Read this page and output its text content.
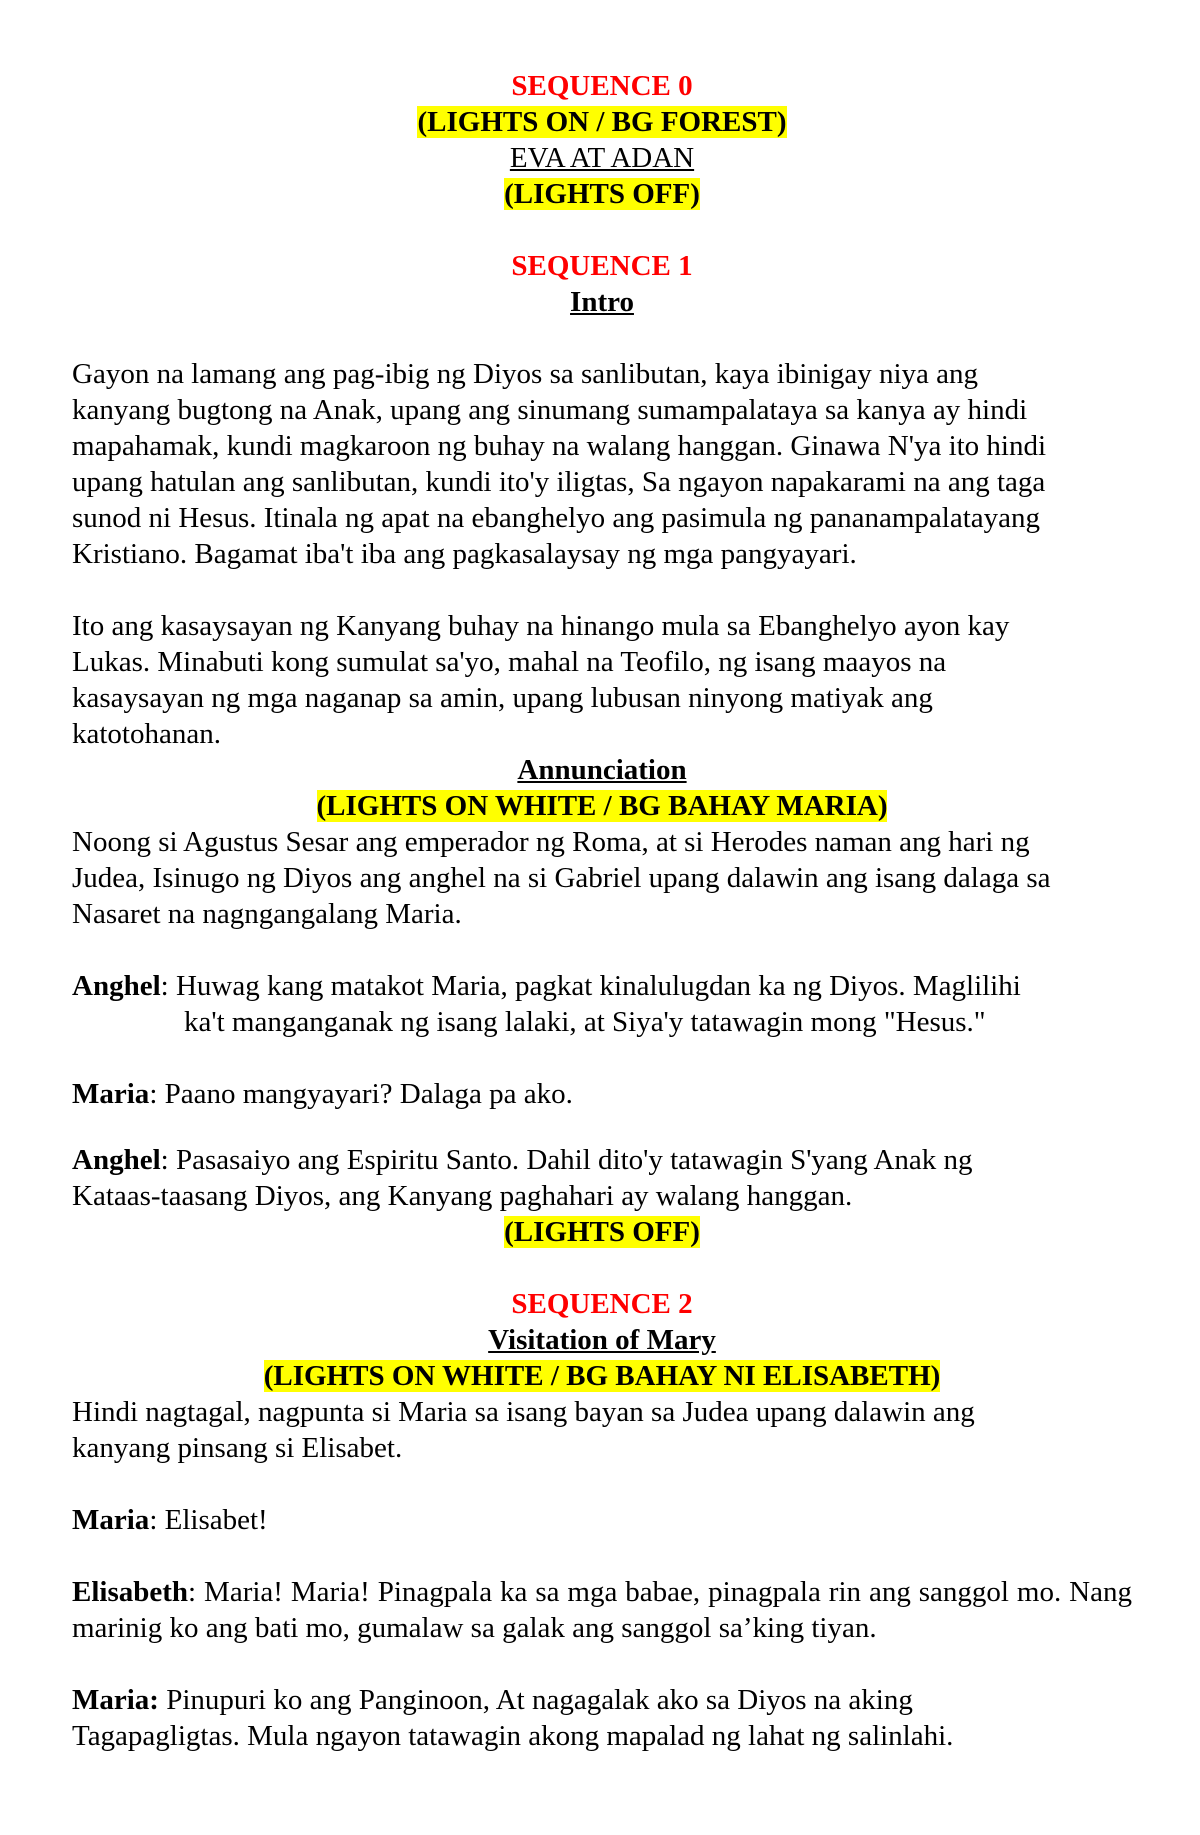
SEQUENCE 0
(LIGHTS ON / BG FOREST)
EVA AT ADAN
(LIGHTS OFF)
SEQUENCE 1
Intro
Gayon na lamang ang pag-ibig ng Diyos sa sanlibutan, kaya ibinigay niya ang
kanyang bugtong na Anak, upang ang sinumang sumampalataya sa kanya ay hindi
mapahamak, kundi magkaroon ng buhay na walang hanggan. Ginawa N'ya ito hindi
upang hatulan ang sanlibutan, kundi ito'y iligtas, Sa ngayon napakarami na ang taga
sunod ni Hesus. Itinala ng apat na ebanghelyo ang pasimula ng pananampalatayang
Kristiano. Bagamat iba't iba ang pagkasalaysay ng mga pangyayari.
Ito ang kasaysayan ng Kanyang buhay na hinango mula sa Ebanghelyo ayon kay
Lukas. Minabuti kong sumulat sa'yo, mahal na Teofilo, ng isang maayos na
kasaysayan ng mga naganap sa amin, upang lubusan ninyong matiyak ang
katotohanan.
Annunciation
(LIGHTS ON WHITE / BG BAHAY MARIA)
Noong si Agustus Sesar ang emperador ng Roma, at si Herodes naman ang hari ng
Judea, Isinugo ng Diyos ang anghel na si Gabriel upang dalawin ang isang dalaga sa
Nasaret na nagngangalang Maria.
Anghel: Huwag kang matakot Maria, pagkat kinalulugdan ka ng Diyos. Maglilihi
ka't manganganak ng isang lalaki, at Siya'y tatawagin mong "Hesus."
Maria: Paano mangyayari? Dalaga pa ako.
Anghel: Pasasaiyo ang Espiritu Santo. Dahil dito'y tatawagin S'yang Anak ng
Kataas-taasang Diyos, ang Kanyang paghahari ay walang hanggan.
(LIGHTS OFF)
SEQUENCE 2
Visitation of Mary
(LIGHTS ON WHITE / BG BAHAY NI ELISABETH)
Hindi nagtagal, nagpunta si Maria sa isang bayan sa Judea upang dalawin ang
kanyang pinsang si Elisabet.
Maria: Elisabet!
Elisabeth: Maria! Maria! Pinagpala ka sa mga babae, pinagpala rin ang sanggol mo. Nang marinig ko ang bati mo, gumalaw sa galak ang sanggol sa’king tiyan.
Maria: Pinupuri ko ang Panginoon, At nagagalak ako sa Diyos na aking
Tagapagligtas. Mula ngayon tatawagin akong mapalad ng lahat ng salinlahi.
